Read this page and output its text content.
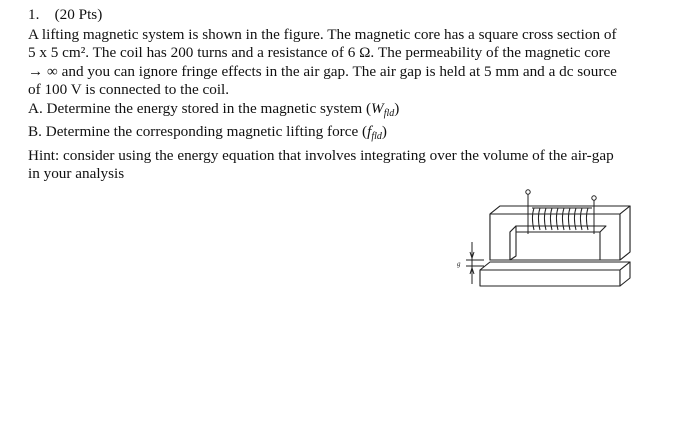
1. (20 Pts)
A lifting magnetic system is shown in the figure. The magnetic core has a square cross section of
5 x 5 cm². The coil has 200 turns and a resistance of 6 Ω. The permeability of the magnetic core
→ ∞ and you can ignore fringe effects in the air gap. The air gap is held at 5 mm and a dc source
of 100 V is connected to the coil.
A. Determine the energy stored in the magnetic system $(W_{fld})$
B. Determine the corresponding magnetic lifting force $(f_{fld})$
Hint: consider using the energy equation that involves integrating over the volume of the air-gap
in your analysis
g
